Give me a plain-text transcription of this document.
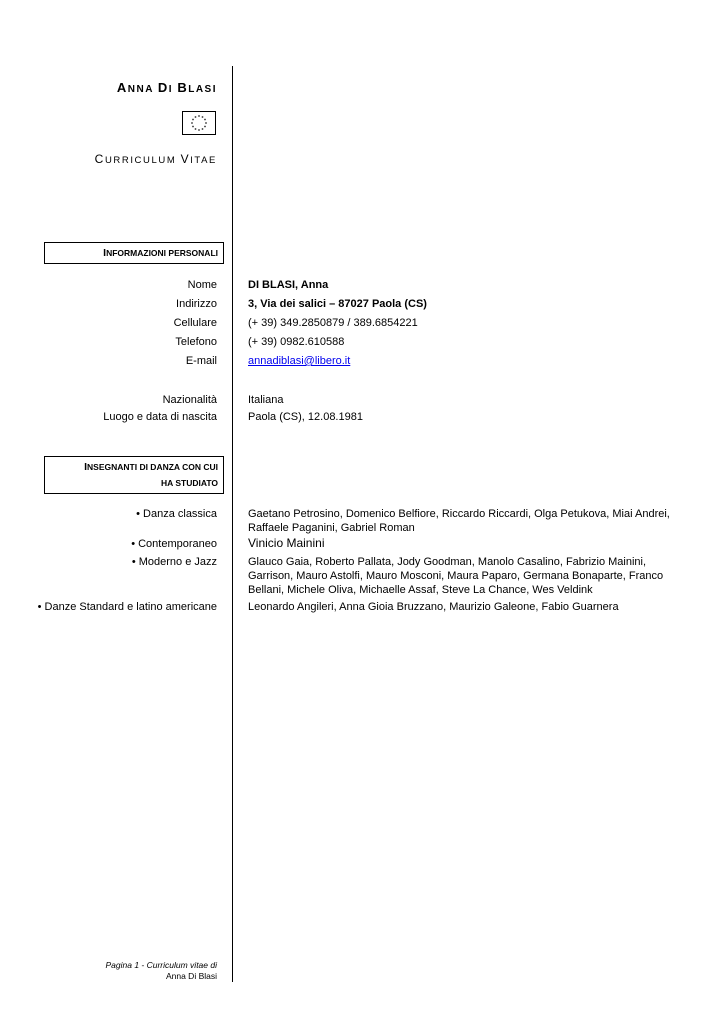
ANNA DI BLASI
CURRICULUM VITAE
INFORMAZIONI PERSONALI
Nome	DI BLASI, Anna
Indirizzo	3, Via dei salici – 87027 Paola (CS)
Cellulare	(+ 39) 349.2850879 / 389.6854221
Telefono	(+ 39) 0982.610588
E-mail	annadiblasi@libero.it
Nazionalità	Italiana
Luogo e data di nascita	Paola (CS), 12.08.1981
INSEGNANTI DI DANZA CON CUI
HA STUDIATO
• Danza classica	Gaetano Petrosino, Domenico Belfiore, Riccardo Riccardi, Olga Petukova, Miai Andrei, Raffaele Paganini, Gabriel Roman
• Contemporaneo	Vinicio Mainini
• Moderno e Jazz	Glauco Gaia, Roberto Pallata, Jody Goodman, Manolo Casalino, Fabrizio Mainini, Garrison, Mauro Astolfi, Mauro Mosconi, Maura Paparo, Germana Bonaparte, Franco Bellani, Michele Oliva, Michaelle Assaf, Steve La Chance, Wes Veldink
• Danze Standard e latino americane	Leonardo Angileri, Anna Gioia Bruzzano, Maurizio Galeone, Fabio Guarnera
Pagina 1 - Curriculum vitae di
Anna Di Blasi
